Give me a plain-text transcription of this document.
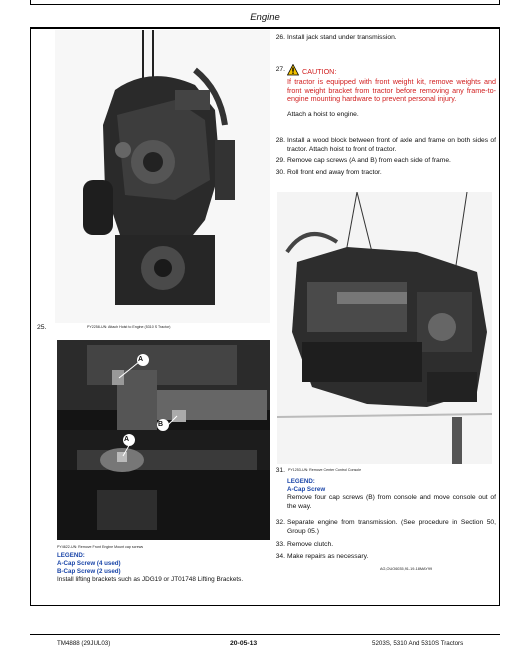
Engine
25.	PY2258-UN: Attach Hoist to Engine (5310 S Tractor)
A
B
A
PY4622-UN: Remove Front Engine Mount cap screws
LEGEND:
A-Cap Screw (4 used)
B-Cap Screw (2 used)
Install lifting brackets such as JDG19 or JT01748 Lifting Brackets.
26. Install jack stand under transmission.
27. CAUTION:
If tractor is equipped with front weight kit, remove weights and front weight bracket from tractor before removing any frame-to-engine mounting hardware to prevent personal injury.
Attach a hoist to engine.
28. Install a wood block between front of axle and frame on both sides of tractor. Attach hoist to front of tractor.
29. Remove cap screws (A and B) from each side of frame.
30. Roll front end away from tractor.
PY1253-UN: Remove Center Control Console
31.
LEGEND:
A-Cap Screw
Remove four cap screws (B) from console and move console out of the way.
32. Separate engine from transmission. (See procedure in Section 50, Group 05.)
33. Remove clutch.
34. Make repairs as necessary.
AG,OUO6035,91-19-18MAY99
TM4888 (29JUL03)	20-05-13	5203S, 5310 And 5310S Tractors
